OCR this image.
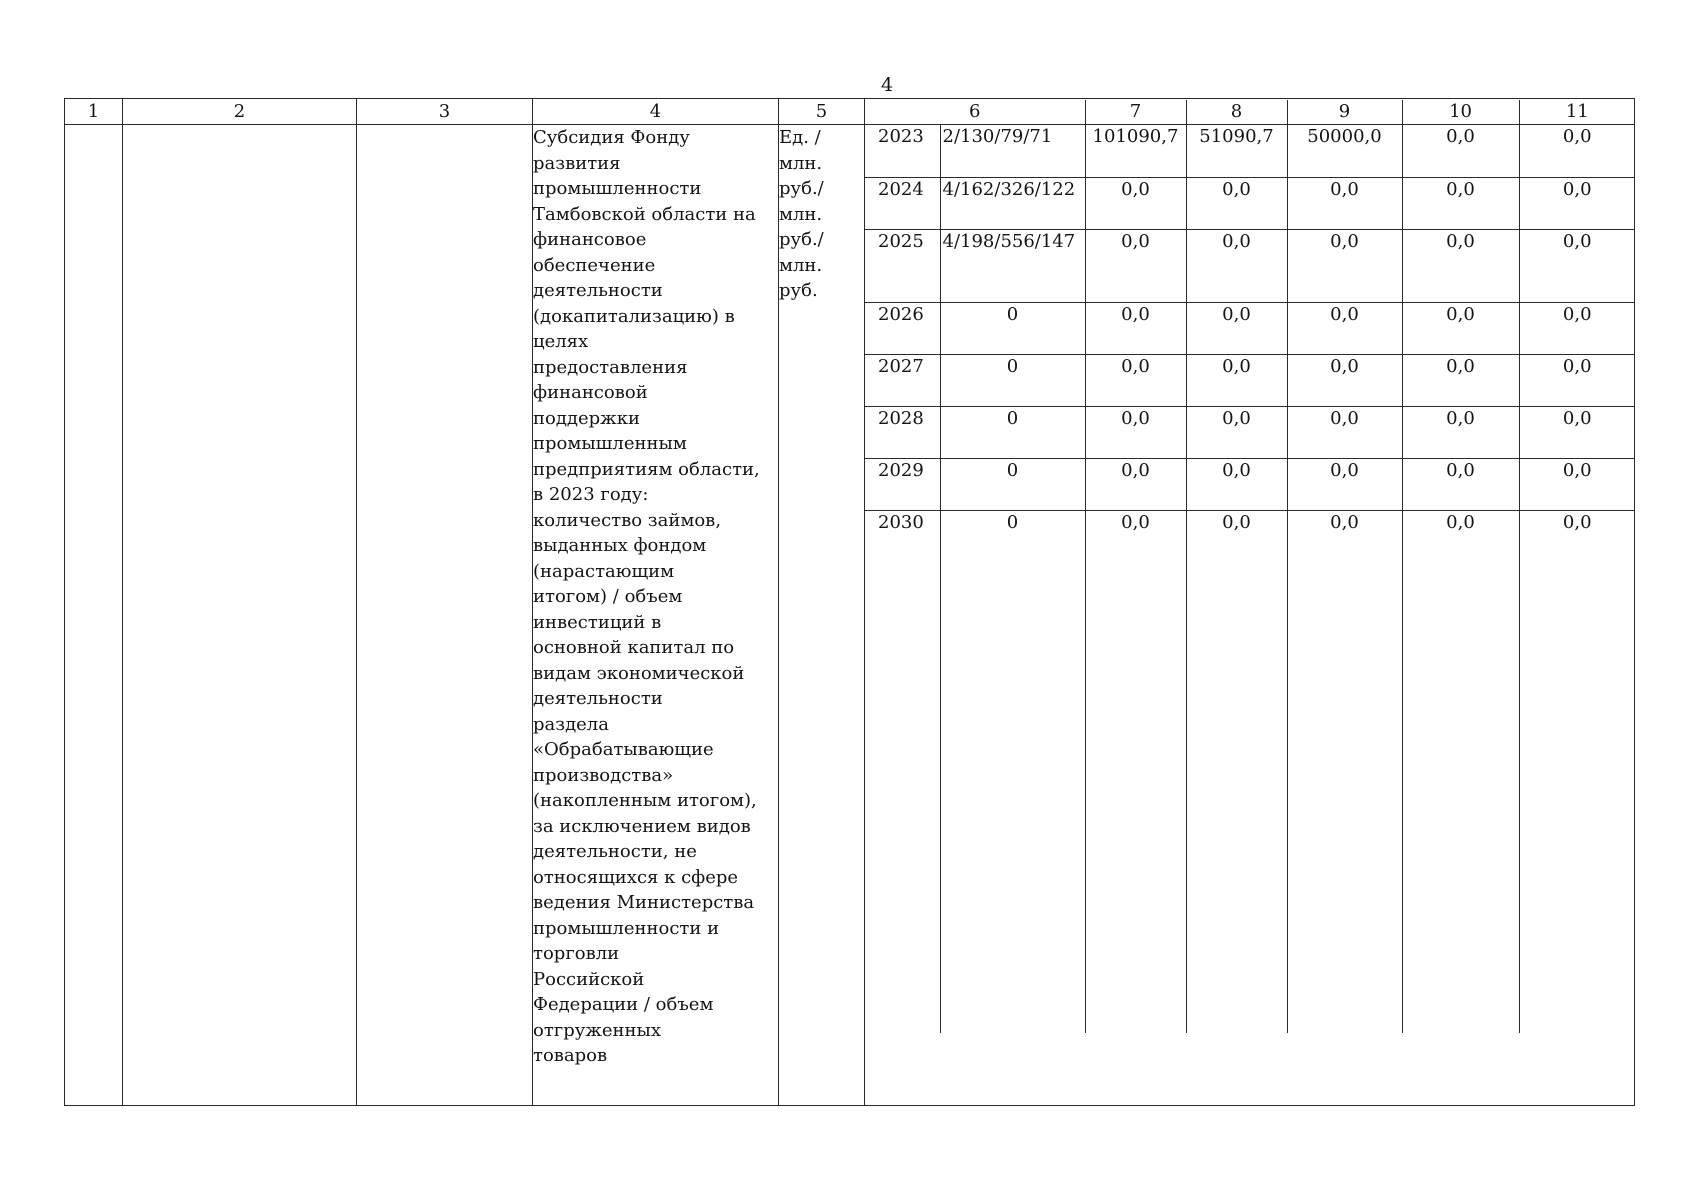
4
1	2	3	4	5		6	7	8	9	10	11

Субсидия Фонду
развития
промышленности
Тамбовской области на
финансовое
обеспечение
деятельности
(докапитализацию) в
целях
предоставления
финансовой
поддержки
промышленным
предприятиям области,
в 2023 году:
количество займов,
выданных фондом
(нарастающим
итогом) / объем
инвестиций в
основной капитал по
видам экономической
деятельности
раздела
«Обрабатывающие
производства»
(накопленным итогом),
за исключением видов
деятельности, не
относящихся к сфере
ведения Министерства
промышленности и
торговли
Российской
Федерации / объем
отгруженных
товаров

Ед. /
млн.
руб./
млн.
руб./
млн.
руб.

2023	2/130/79/71	101090,7	51090,7	50000,0	0,0	0,0
2024	4/162/326/122	0,0	0,0	0,0	0,0	0,0
2025	4/198/556/147	0,0	0,0	0,0	0,0	0,0
2026	0	0,0	0,0	0,0	0,0	0,0
2027	0	0,0	0,0	0,0	0,0	0,0
2028	0	0,0	0,0	0,0	0,0	0,0
2029	0	0,0	0,0	0,0	0,0	0,0
2030	0	0,0	0,0	0,0	0,0	0,0
